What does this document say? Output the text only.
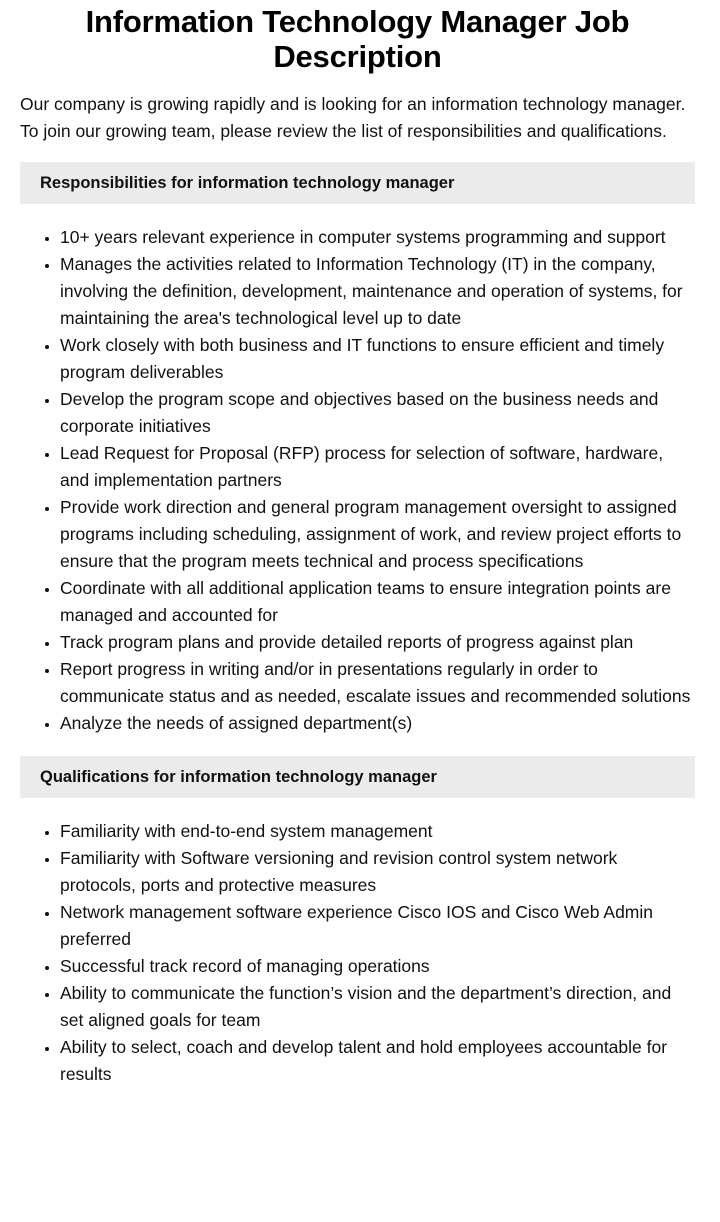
Information Technology Manager Job Description

Our company is growing rapidly and is looking for an information technology manager. To join our growing team, please review the list of responsibilities and qualifications.

Responsibilities for information technology manager
• 10+ years relevant experience in computer systems programming and support
• Manages the activities related to Information Technology (IT) in the company, involving the definition, development, maintenance and operation of systems, for maintaining the area's technological level up to date
• Work closely with both business and IT functions to ensure efficient and timely program deliverables
• Develop the program scope and objectives based on the business needs and corporate initiatives
• Lead Request for Proposal (RFP) process for selection of software, hardware, and implementation partners
• Provide work direction and general program management oversight to assigned programs including scheduling, assignment of work, and review project efforts to ensure that the program meets technical and process specifications
• Coordinate with all additional application teams to ensure integration points are managed and accounted for
• Track program plans and provide detailed reports of progress against plan
• Report progress in writing and/or in presentations regularly in order to communicate status and as needed, escalate issues and recommended solutions
• Analyze the needs of assigned department(s)
Qualifications for information technology manager
• Familiarity with end-to-end system management
• Familiarity with Software versioning and revision control system network protocols, ports and protective measures
• Network management software experience Cisco IOS and Cisco Web Admin preferred
• Successful track record of managing operations
• Ability to communicate the function’s vision and the department’s direction, and set aligned goals for team
• Ability to select, coach and develop talent and hold employees accountable for results
